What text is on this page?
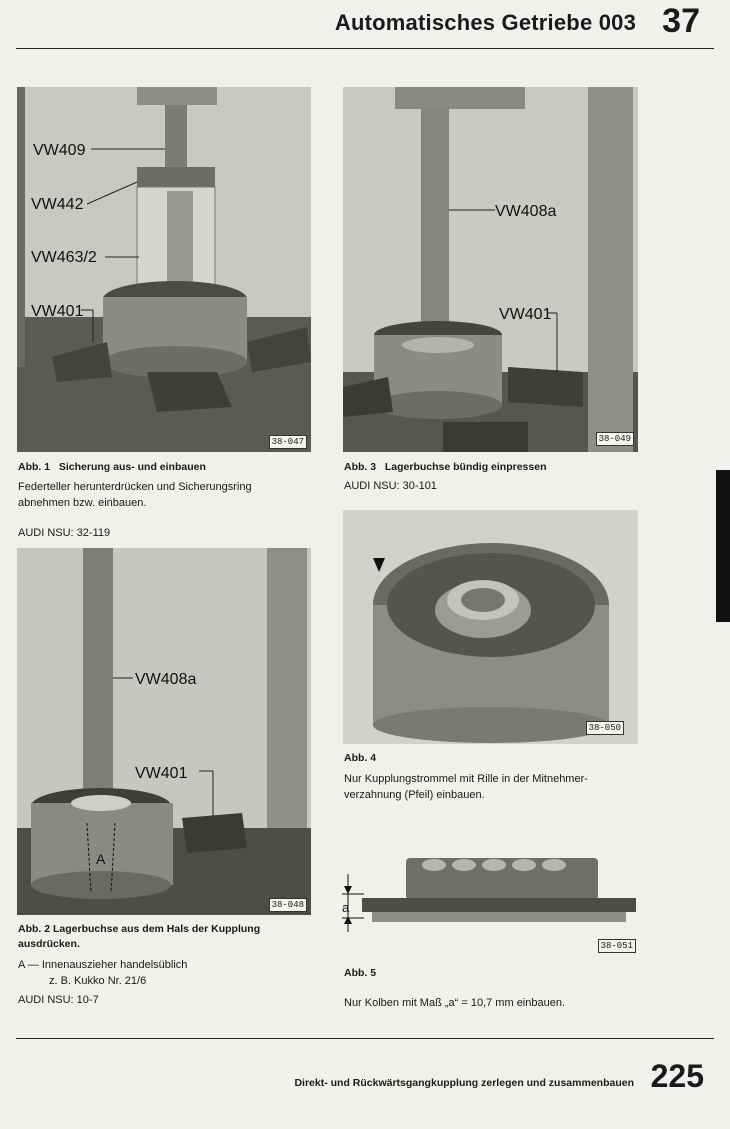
Automatisches Getriebe 003 37
VW409
VW442
VW463/2
VW401
38-047
Abb. 1 Sicherung aus- und einbauen
Federteller herunterdrücken und Sicherungsring
abnehmen bzw. einbauen.
AUDI NSU: 32-119
VW408a
VW401
A
38-048
Abb. 2 Lagerbuchse aus dem Hals der Kupplung
ausdrücken.
A — Innenauszieher handelsüblich
z. B. Kukko Nr. 21/6
AUDI NSU: 10-7
VW408a
VW401
38-049
Abb. 3 Lagerbuchse bündig einpressen
AUDI NSU: 30-101
38-050
Abb. 4
Nur Kupplungstrommel mit Rille in der Mitnehmer-
verzahnung (Pfeil) einbauen.
a
38-051
Abb. 5
Nur Kolben mit Maß „a“ = 10,7 mm einbauen.
Direkt- und Rückwärtsgangkupplung zerlegen und zusammenbauen 225
